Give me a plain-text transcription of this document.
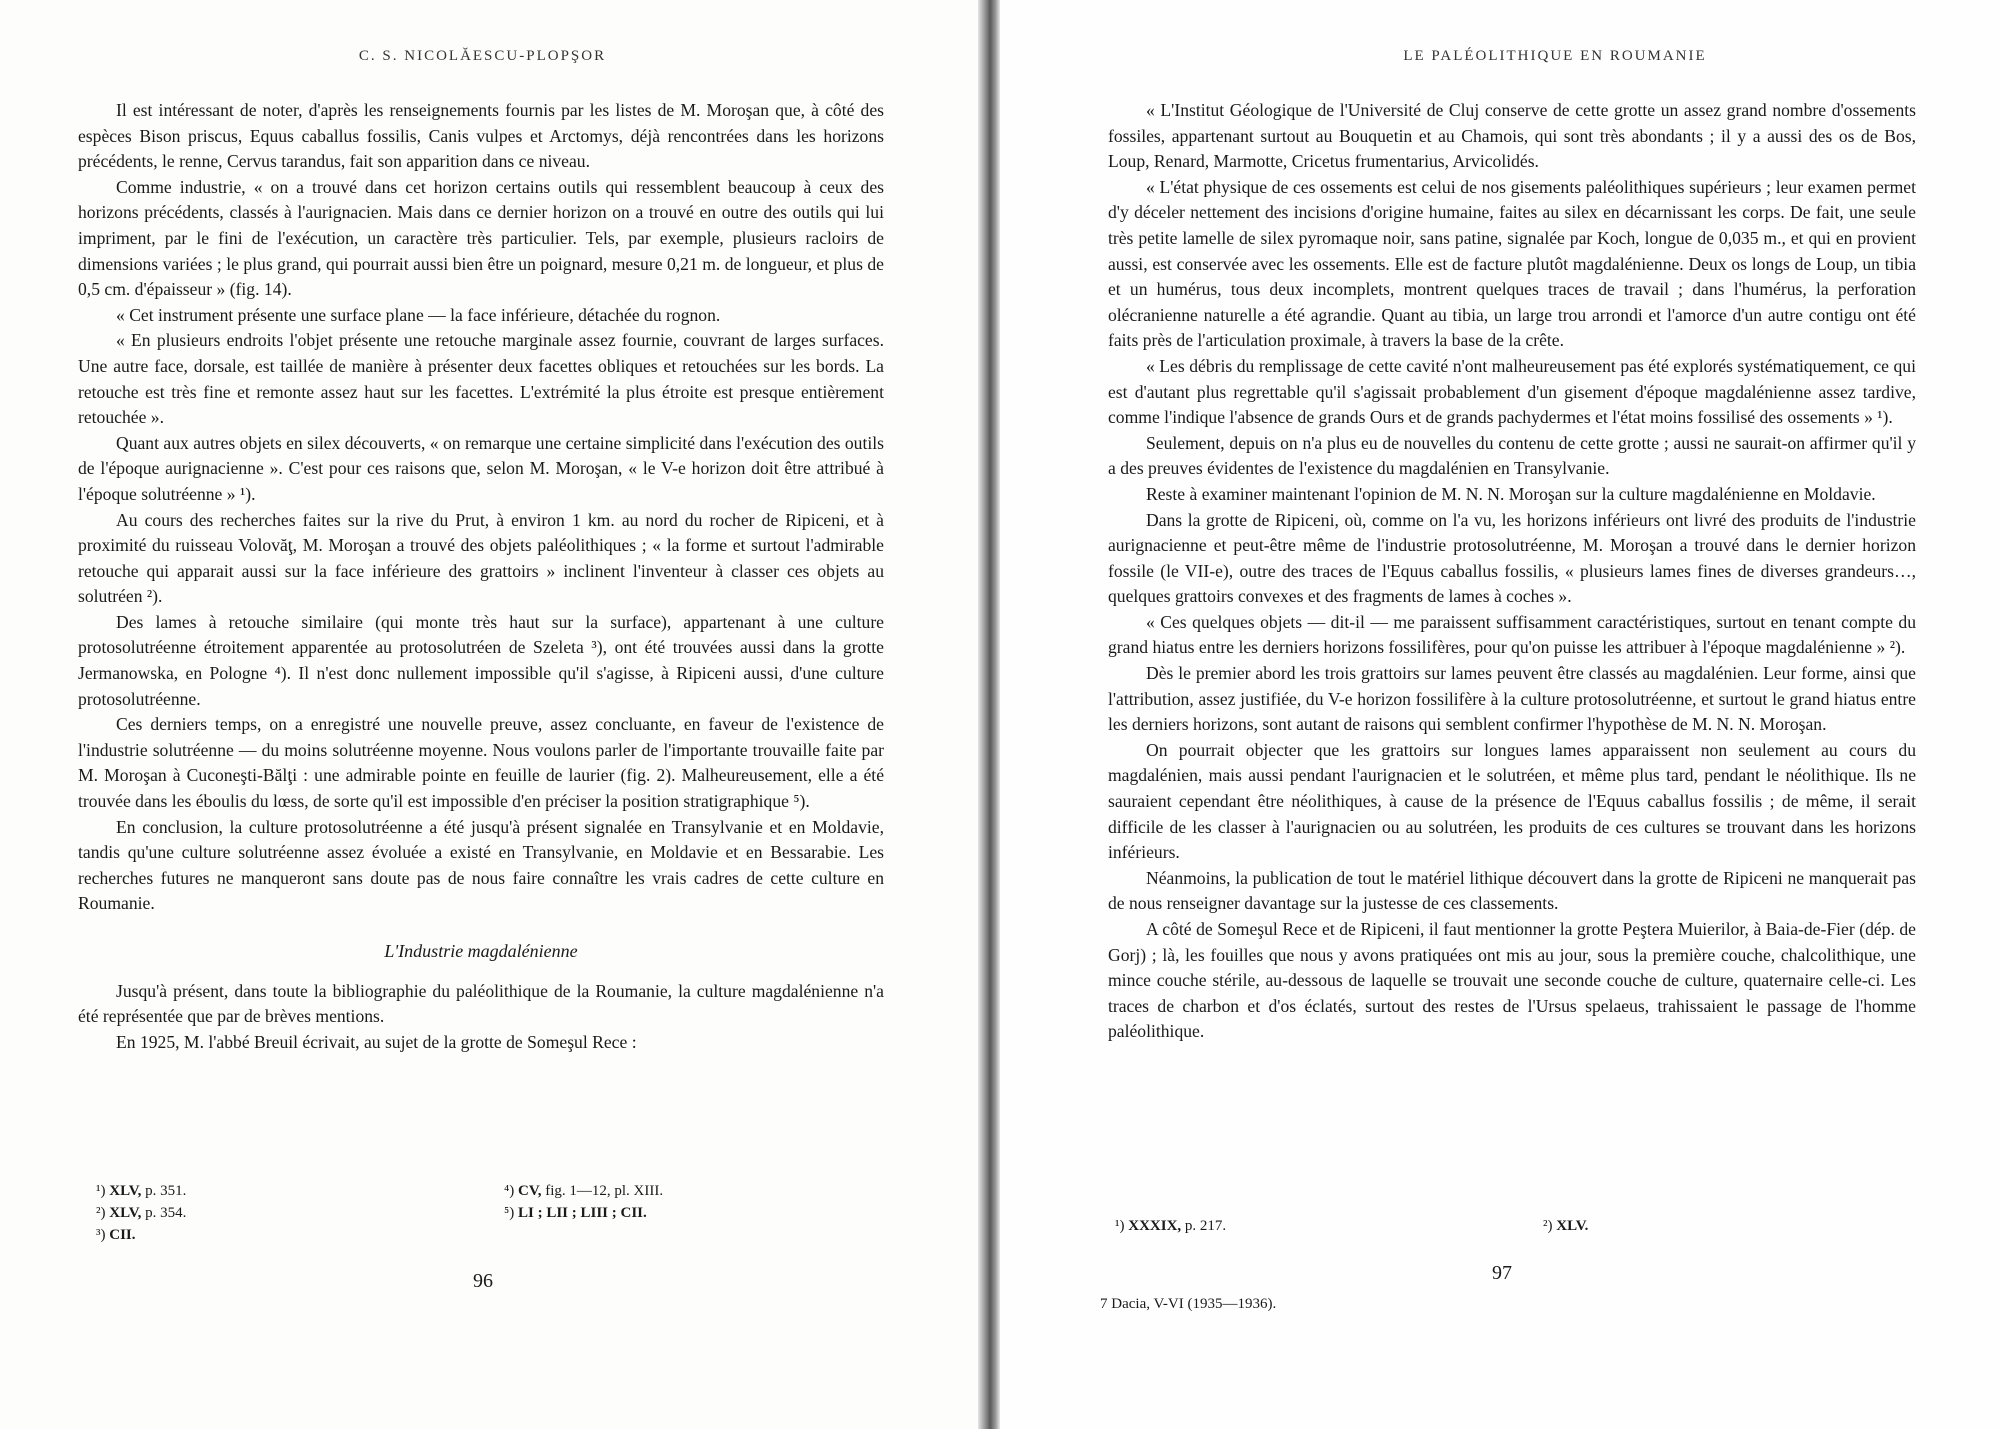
C. S. NICOLĂESCU-PLOPŞOR

Il est intéressant de noter, d'après les renseignements fournis par les listes de M. Moroşan que, à côté des espèces Bison priscus, Equus caballus fossilis, Canis vulpes et Arctomys, déjà rencontrées dans les horizons précédents, le renne, Cervus tarandus, fait son apparition dans ce niveau.

Comme industrie, « on a trouvé dans cet horizon certains outils qui ressemblent beaucoup à ceux des horizons précédents, classés à l'aurignacien. Mais dans ce dernier horizon on a trouvé en outre des outils qui lui impriment, par le fini de l'exécution, un caractère très particulier. Tels, par exemple, plusieurs racloirs de dimensions variées ; le plus grand, qui pourrait aussi bien être un poignard, mesure 0,21 m. de longueur, et plus de 0,5 cm. d'épaisseur » (fig. 14).

« Cet instrument présente une surface plane — la face inférieure, détachée du rognon.

« En plusieurs endroits l'objet présente une retouche marginale assez fournie, couvrant de larges surfaces. Une autre face, dorsale, est taillée de manière à présenter deux facettes obliques et retouchées sur les bords. La retouche est très fine et remonte assez haut sur les facettes. L'extrémité la plus étroite est presque entièrement retouchée ».

Quant aux autres objets en silex découverts, « on remarque une certaine simplicité dans l'exécution des outils de l'époque aurignacienne ». C'est pour ces raisons que, selon M. Moroşan, « le V-e horizon doit être attribué à l'époque solutréenne » ¹).

Au cours des recherches faites sur la rive du Prut, à environ 1 km. au nord du rocher de Ripiceni, et à proximité du ruisseau Volovăţ, M. Moroşan a trouvé des objets paléolithiques ; « la forme et surtout l'admirable retouche qui apparait aussi sur la face inférieure des grattoirs » inclinent l'inventeur à classer ces objets au solutréen ²).

Des lames à retouche similaire (qui monte très haut sur la surface), appartenant à une culture protosolutréenne étroitement apparentée au protosolutréen de Szeleta ³), ont été trouvées aussi dans la grotte Jermanowska, en Pologne ⁴). Il n'est donc nullement impossible qu'il s'agisse, à Ripiceni aussi, d'une culture protosolutréenne.

Ces derniers temps, on a enregistré une nouvelle preuve, assez concluante, en faveur de l'existence de l'industrie solutréenne — du moins solutréenne moyenne. Nous voulons parler de l'importante trouvaille faite par M. Moroşan à Cuconeşti-Bălţi : une admirable pointe en feuille de laurier (fig. 2). Malheureusement, elle a été trouvée dans les éboulis du lœss, de sorte qu'il est impossible d'en préciser la position stratigraphique ⁵).

En conclusion, la culture protosolutréenne a été jusqu'à présent signalée en Transylvanie et en Moldavie, tandis qu'une culture solutréenne assez évoluée a existé en Transylvanie, en Moldavie et en Bessarabie. Les recherches futures ne manqueront sans doute pas de nous faire connaître les vrais cadres de cette culture en Roumanie.

L'Industrie magdalénienne

Jusqu'à présent, dans toute la bibliographie du paléolithique de la Roumanie, la culture magdalénienne n'a été représentée que par de brèves mentions.

En 1925, M. l'abbé Breuil écrivait, au sujet de la grotte de Someşul Rece :

¹) XLV, p. 351.
²) XLV, p. 354.
³) CII.
⁴) CV, fig. 1—12, pl. XIII.
⁵) LI ; LII ; LIII ; CII.
96
LE PALÉOLITHIQUE EN ROUMANIE

« L'Institut Géologique de l'Université de Cluj conserve de cette grotte un assez grand nombre d'ossements fossiles, appartenant surtout au Bouquetin et au Chamois, qui sont très abondants ; il y a aussi des os de Bos, Loup, Renard, Marmotte, Cricetus frumentarius, Arvicolidés.

« L'état physique de ces ossements est celui de nos gisements paléolithiques supérieurs ; leur examen permet d'y déceler nettement des incisions d'origine humaine, faites au silex en décarnissant les corps. De fait, une seule très petite lamelle de silex pyromaque noir, sans patine, signalée par Koch, longue de 0,035 m., et qui en provient aussi, est conservée avec les ossements. Elle est de facture plutôt magdalénienne. Deux os longs de Loup, un tibia et un humérus, tous deux incomplets, montrent quelques traces de travail ; dans l'humérus, la perforation olécranienne naturelle a été agrandie. Quant au tibia, un large trou arrondi et l'amorce d'un autre contigu ont été faits près de l'articulation proximale, à travers la base de la crête.

« Les débris du remplissage de cette cavité n'ont malheureusement pas été explorés systématiquement, ce qui est d'autant plus regrettable qu'il s'agissait probablement d'un gisement d'époque magdalénienne assez tardive, comme l'indique l'absence de grands Ours et de grands pachydermes et l'état moins fossilisé des ossements » ¹).

Seulement, depuis on n'a plus eu de nouvelles du contenu de cette grotte ; aussi ne saurait-on affirmer qu'il y a des preuves évidentes de l'existence du magdalénien en Transylvanie.

Reste à examiner maintenant l'opinion de M. N. N. Moroşan sur la culture magdalénienne en Moldavie.

Dans la grotte de Ripiceni, où, comme on l'a vu, les horizons inférieurs ont livré des produits de l'industrie aurignacienne et peut-être même de l'industrie protosolutréenne, M. Moroşan a trouvé dans le dernier horizon fossile (le VII-e), outre des traces de l'Equus caballus fossilis, « plusieurs lames fines de diverses grandeurs…, quelques grattoirs convexes et des fragments de lames à coches ».

« Ces quelques objets — dit-il — me paraissent suffisamment caractéristiques, surtout en tenant compte du grand hiatus entre les derniers horizons fossilifères, pour qu'on puisse les attribuer à l'époque magdalénienne » ²).

Dès le premier abord les trois grattoirs sur lames peuvent être classés au magdalénien. Leur forme, ainsi que l'attribution, assez justifiée, du V-e horizon fossilifère à la culture protosolutréenne, et surtout le grand hiatus entre les derniers horizons, sont autant de raisons qui semblent confirmer l'hypothèse de M. N. N. Moroşan.

On pourrait objecter que les grattoirs sur longues lames apparaissent non seulement au cours du magdalénien, mais aussi pendant l'aurignacien et le solutréen, et même plus tard, pendant le néolithique. Ils ne sauraient cependant être néolithiques, à cause de la présence de l'Equus caballus fossilis ; de même, il serait difficile de les classer à l'aurignacien ou au solutréen, les produits de ces cultures se trouvant dans les horizons inférieurs.

Néanmoins, la publication de tout le matériel lithique découvert dans la grotte de Ripiceni ne manquerait pas de nous renseigner davantage sur la justesse de ces classements.

A côté de Someşul Rece et de Ripiceni, il faut mentionner la grotte Peştera Muierilor, à Baia-de-Fier (dép. de Gorj) ; là, les fouilles que nous y avons pratiquées ont mis au jour, sous la première couche, chalcolithique, une mince couche stérile, au-dessous de laquelle se trouvait une seconde couche de culture, quaternaire celle-ci. Les traces de charbon et d'os éclatés, surtout des restes de l'Ursus spelaeus, trahissaient le passage de l'homme paléolithique.

¹) XXXIX, p. 217.	²) XLV.
97
7 Dacia, V-VI (1935—1936).
